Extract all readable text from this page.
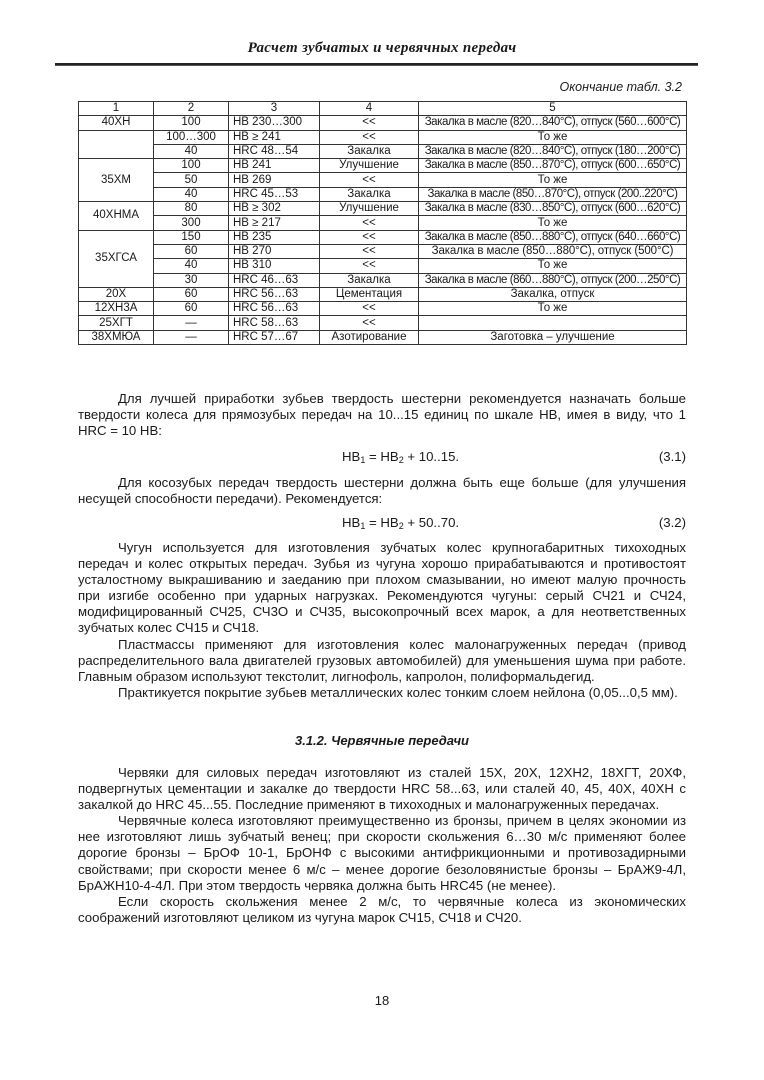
Расчет зубчатых и червячных передач
Окончание табл. 3.2
1	2	3	4	5
40ХН	100	НВ 230…300	<<	Закалка в масле (820…840°С), отпуск (560…600°С)
	100…300	НВ ≥ 241	<<	То же
	40	HRC 48…54	Закалка	Закалка в масле (820…840°С), отпуск (180…200°С)
35ХМ	100	НВ 241	Улучшение	Закалка в масле (850…870°С), отпуск (600…650°С)
	50	НВ 269	<<	То же
	40	HRC 45…53	Закалка	Закалка в масле (850…870°С), отпуск (200..220°С)
40ХНМА	80	НВ ≥ 302	Улучшение	Закалка в масле (830…850°С), отпуск (600…620°С)
	300	НВ ≥ 217	<<	То же
35ХГСА	150	НВ 235	<<	Закалка в масле (850…880°С), отпуск (640…660°С)
	60	НВ 270	<<	Закалка в масле (850…880°С), отпуск (500°С)
	40	НВ 310	<<	То же
	30	HRC 46…63	Закалка	Закалка в масле (860…880°С), отпуск (200…250°С)
20Х	60	HRC 56…63	Цементация	Закалка, отпуск
12ХН3А	60	HRC 56…63	<<	То же
25ХГТ	—	HRC 58…63	<<	
38ХМЮА	—	HRC 57…67	Азотирование	Заготовка – улучшение

Для лучшей приработки зубьев твердость шестерни рекомендуется назначать больше твердости колеса для прямозубых передач на 10...15 единиц по шкале НВ, имея в виду, что 1 HRC = 10 НВ:

$НВ_1 = НВ_2 + 10..15$.	(3.1)

Для косозубых передач твердость шестерни должна быть еще больше (для улучшения несущей способности передачи). Рекомендуется:

$НВ_1 = НВ_2 + 50..70$.	(3.2)

Чугун используется для изготовления зубчатых колес крупногабаритных тихоходных передач и колес открытых передач. Зубья из чугуна хорошо прирабатываются и противостоят усталостному выкрашиванию и заеданию при плохом смазывании, но имеют малую прочность при изгибе особенно при ударных нагрузках. Рекомендуются чугуны: серый СЧ21 и СЧ24, модифицированный СЧ25, СЧ3О и СЧ35, высокопрочный всех марок, а для неответственных зубчатых колес СЧ15 и СЧ18.

Пластмассы применяют для изготовления колес малонагруженных передач (привод распределительного вала двигателей грузовых автомобилей) для уменьшения шума при работе. Главным образом используют текстолит, лигнофоль, капролон, полиформальдегид.

Практикуется покрытие зубьев металлических колес тонким слоем нейлона (0,05...0,5 мм).

3.1.2. Червячные передачи

Червяки для силовых передач изготовляют из сталей 15Х, 20Х, 12ХН2, 18ХГТ, 20ХФ, подвергнутых цементации и закалке до твердости HRC 58...63, или сталей 40, 45, 40Х, 40ХН с закалкой до HRC 45...55. Последние применяют в тихоходных и малонагруженных передачах.

Червячные колеса изготовляют преимущественно из бронзы, причем в целях экономии из нее изготовляют лишь зубчатый венец; при скорости скольжения 6…30 м/с применяют более дорогие бронзы – БрОФ 10-1, БрОНФ с высокими антифрикционными и противозадирными свойствами; при скорости менее 6 м/с – менее дорогие безоловянистые бронзы – БрАЖ9-4Л, БрАЖН10-4-4Л. При этом твердость червяка должна быть HRC45 (не менее).

Если скорость скольжения менее 2 м/с, то червячные колеса из экономических соображений изготовляют целиком из чугуна марок СЧ15, СЧ18 и СЧ20.

18
